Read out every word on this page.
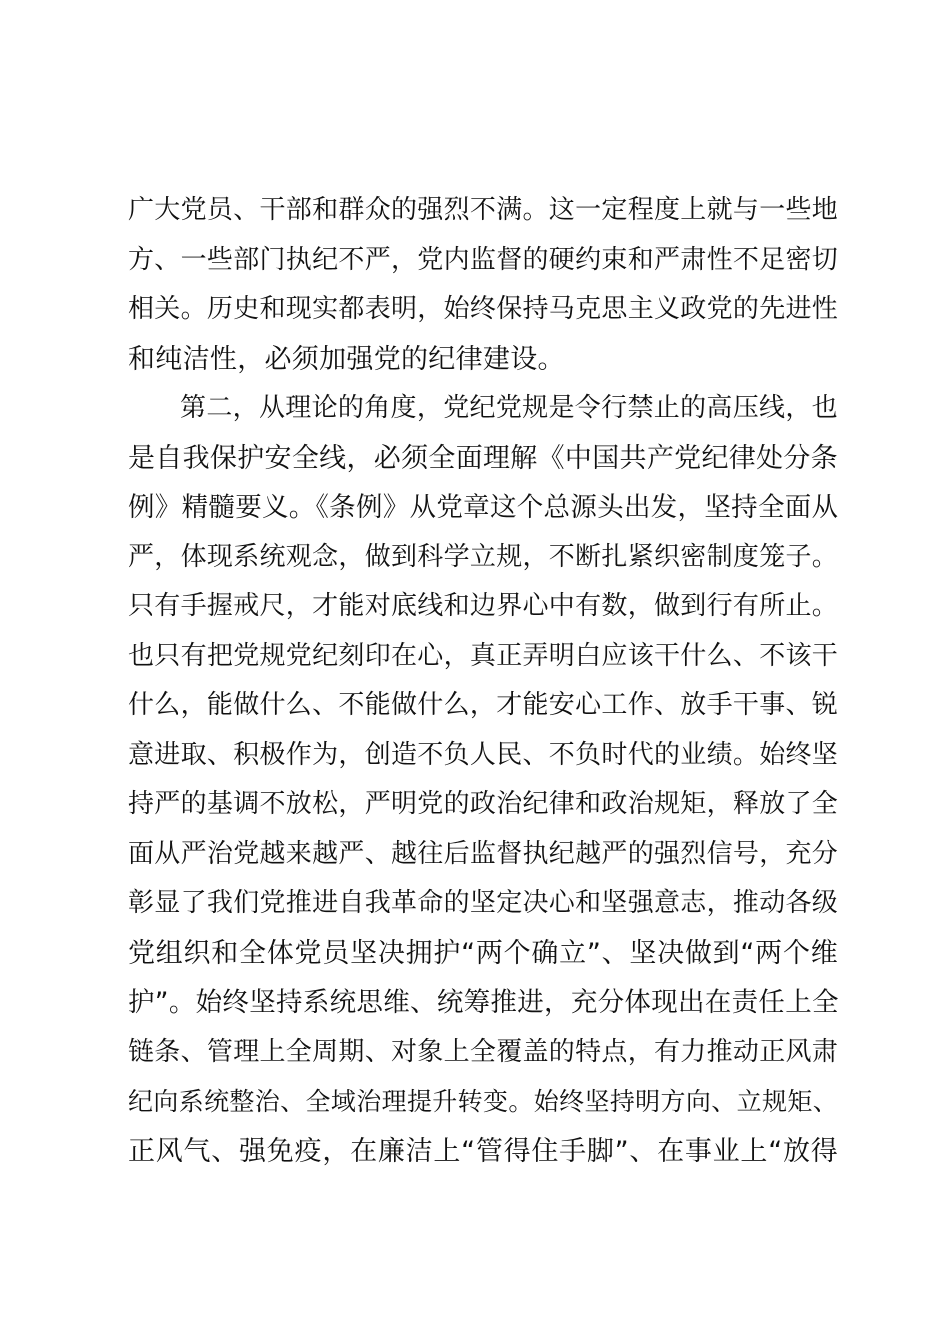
广大党员、干部和群众的强烈不满。这一定程度上就与一些地
方、一些部门执纪不严，党内监督的硬约束和严肃性不足密切
相关。历史和现实都表明，始终保持马克思主义政党的先进性
和纯洁性，必须加强党的纪律建设。
第二，从理论的角度，党纪党规是令行禁止的高压线，也
是自我保护安全线，必须全面理解《中国共产党纪律处分条
例》精髓要义。《条例》从党章这个总源头出发，坚持全面从
严，体现系统观念，做到科学立规，不断扎紧织密制度笼子。
只有手握戒尺，才能对底线和边界心中有数，做到行有所止。
也只有把党规党纪刻印在心，真正弄明白应该干什么、不该干
什么，能做什么、不能做什么，才能安心工作、放手干事、锐
意进取、积极作为，创造不负人民、不负时代的业绩。始终坚
持严的基调不放松，严明党的政治纪律和政治规矩，释放了全
面从严治党越来越严、越往后监督执纪越严的强烈信号，充分
彰显了我们党推进自我革命的坚定决心和坚强意志，推动各级
党组织和全体党员坚决拥护“两个确立”、坚决做到“两个维
护”。始终坚持系统思维、统筹推进，充分体现出在责任上全
链条、管理上全周期、对象上全覆盖的特点，有力推动正风肃
纪向系统整治、全域治理提升转变。始终坚持明方向、立规矩、
正风气、强免疫，在廉洁上“管得住手脚”、在事业上“放得
